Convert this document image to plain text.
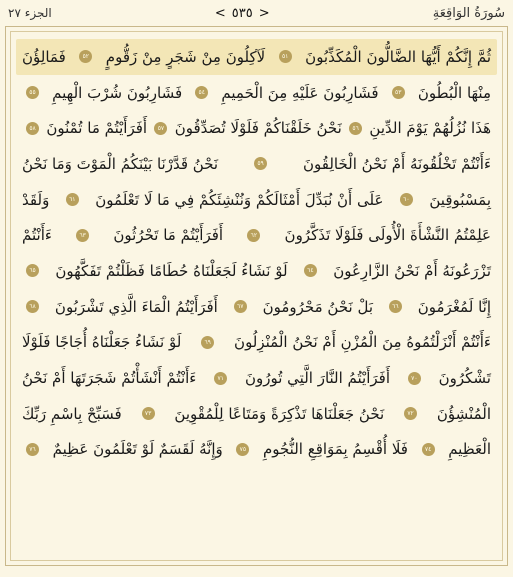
الجزء ٢٧	< ٥٣٥ >	سُورَةُ الوَاقِعَةِ
ثُمَّ إِنَّكُمْ أَيُّهَا الضَّالُّونَ الْمُكَذِّبُونَ
٥١
لَآكِلُونَ مِنْ شَجَرٍ مِنْ زَقُّومٍ
٥٢
فَمَالِؤُنَ
مِنْهَا الْبُطُونَ
٥٣
فَشَارِبُونَ عَلَيْهِ مِنَ الْحَمِيمِ
٥٤
فَشَارِبُونَ شُرْبَ الْهِيمِ
٥٥
هَذَا نُزُلُهُمْ يَوْمَ الدِّينِ
٥٦
نَحْنُ خَلَقْنَاكُمْ فَلَوْلَا تُصَدِّقُونَ
٥٧
أَفَرَأَيْتُمْ مَا تُمْنُونَ
٥٨
ءَأَنْتُمْ تَخْلُقُونَهُ أَمْ نَحْنُ الْخَالِقُونَ
٥٩
نَحْنُ قَدَّرْنَا بَيْنَكُمُ الْمَوْتَ وَمَا نَحْنُ
بِمَسْبُوقِينَ
٦٠
عَلَى أَنْ نُبَدِّلَ أَمْثَالَكُمْ وَنُنْشِئَكُمْ فِي مَا لَا تَعْلَمُونَ
٦١
وَلَقَدْ
عَلِمْتُمُ النَّشْأَةَ الْأُولَى فَلَوْلَا تَذَكَّرُونَ
٦٢
أَفَرَأَيْتُمْ مَا تَحْرُثُونَ
٦٣
ءَأَنْتُمْ
تَزْرَعُونَهُ أَمْ نَحْنُ الزَّارِعُونَ
٦٤
لَوْ نَشَاءُ لَجَعَلْنَاهُ حُطَامًا فَظَلْتُمْ تَفَكَّهُونَ
٦٥
إِنَّا لَمُغْرَمُونَ
٦٦
بَلْ نَحْنُ مَحْرُومُونَ
٦٧
أَفَرَأَيْتُمُ الْمَاءَ الَّذِي تَشْرَبُونَ
٦٨
ءَأَنْتُمْ أَنْزَلْتُمُوهُ مِنَ الْمُزْنِ أَمْ نَحْنُ الْمُنْزِلُونَ
٦٩
لَوْ نَشَاءُ جَعَلْنَاهُ أُجَاجًا فَلَوْلَا
تَشْكُرُونَ
٧٠
أَفَرَأَيْتُمُ النَّارَ الَّتِي تُورُونَ
٧١
ءَأَنْتُمْ أَنْشَأْتُمْ شَجَرَتَهَا أَمْ نَحْنُ
الْمُنْشِؤُنَ
٧٢
نَحْنُ جَعَلْنَاهَا تَذْكِرَةً وَمَتَاعًا لِلْمُقْوِينَ
٧٣
فَسَبِّحْ بِاسْمِ رَبِّكَ
الْعَظِيمِ
٧٤
فَلَا أُقْسِمُ بِمَوَاقِعِ النُّجُومِ
٧٥
وَإِنَّهُ لَقَسَمٌ لَوْ تَعْلَمُونَ عَظِيمٌ
٧٦
